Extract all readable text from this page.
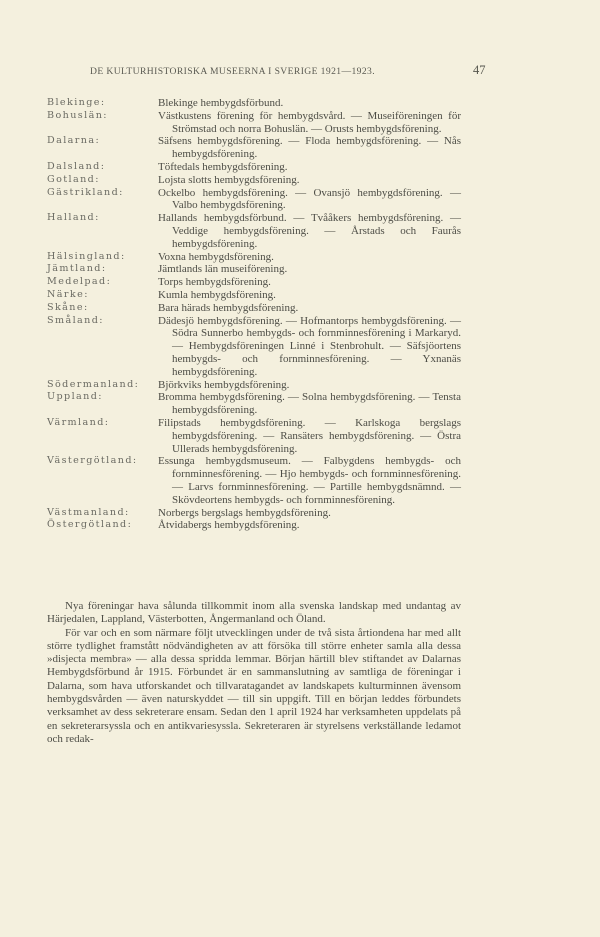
DE KULTURHISTORISKA MUSEERNA I SVERIGE 1921—1923.	47
Blekinge:	Blekinge hembygdsförbund.
Bohuslän:	Västkustens förening för hembygdsvård. — Museiföreningen för Strömstad och norra Bohuslän. — Orusts hembygdsförening.
Dalarna:	Säfsens hembygdsförening. — Floda hembygdsförening. — Nås hembygdsförening.
Dalsland:	Töftedals hembygdsförening.
Gotland:	Lojsta slotts hembygdsförening.
Gästrikland:	Ockelbo hembygdsförening. — Ovansjö hembygdsförening. — Valbo hembygdsförening.
Halland:	Hallands hembygdsförbund. — Tvååkers hembygdsförening. — Veddige hembygdsförening. — Årstads och Faurås hembygdsförening.
Hälsingland:	Voxna hembygdsförening.
Jämtland:	Jämtlands län museiförening.
Medelpad:	Torps hembygdsförening.
Närke:	Kumla hembygdsförening.
Skåne:	Bara härads hembygdsförening.
Småland:	Dädesjö hembygdsförening. — Hofmantorps hembygdsförening. — Södra Sunnerbo hembygds- och fornminnesförening i Markaryd. — Hembygdsföreningen Linné i Stenbrohult. — Säfsjöortens hembygds- och fornminnesförening. — Yxnanäs hembygdsförening.
Södermanland:	Björkviks hembygdsförening.
Uppland:	Bromma hembygdsförening. — Solna hembygdsförening. — Tensta hembygdsförening.
Värmland:	Filipstads hembygdsförening. — Karlskoga bergslags hembygdsförening. — Ransäters hembygdsförening. — Östra Ullerads hembygdsförening.
Västergötland:	Essunga hembygdsmuseum. — Falbygdens hembygds- och fornminnesförening. — Hjo hembygds- och fornminnesförening. — Larvs fornminnesförening. — Partille hembygdsnämnd. — Skövdeortens hembygds- och fornminnesförening.
Västmanland:	Norbergs bergslags hembygdsförening.
Östergötland:	Åtvidabergs hembygdsförening.

Nya föreningar hava sålunda tillkommit inom alla svenska landskap med undantag av Härjedalen, Lappland, Västerbotten, Ångermanland och Öland.

För var och en som närmare följt utvecklingen under de två sista årtiondena har med allt större tydlighet framstått nödvändigheten av att försöka till större enheter samla alla dessa »disjecta membra» — alla dessa spridda lemmar. Början härtill blev stiftandet av Dalarnas Hembygdsförbund år 1915. Förbundet är en sammanslutning av samtliga de föreningar i Dalarna, som hava utforskandet och tillvaratagandet av landskapets kulturminnen ävensom hembygdsvården — även naturskyddet — till sin uppgift. Till en början leddes förbundets verksamhet av dess sekreterare ensam. Sedan den 1 april 1924 har verksamheten uppdelats på en sekreterarsyssla och en antikvariesyssla. Sekreteraren är styrelsens verkställande ledamot och redak-
